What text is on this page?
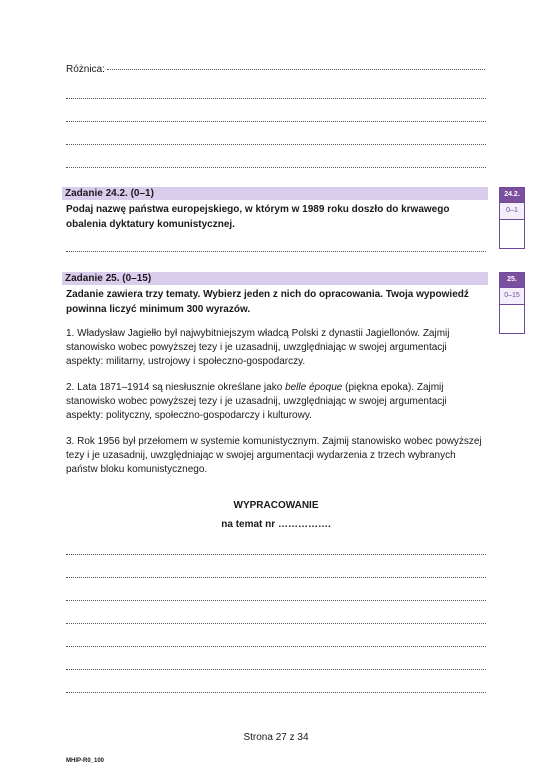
Różnica:
Zadanie 24.2. (0–1)
Podaj nazwę państwa europejskiego, w którym w 1989 roku doszło do krwawego obalenia dyktatury komunistycznej.
24.2.
0–1
Zadanie 25. (0–15)
Zadanie zawiera trzy tematy. Wybierz jeden z nich do opracowania. Twoja wypowiedź powinna liczyć minimum 300 wyrazów.
25.
0–15
1. Władysław Jagiełło był najwybitniejszym władcą Polski z dynastii Jagiellonów. Zajmij stanowisko wobec powyższej tezy i je uzasadnij, uwzględniając w swojej argumentacji aspekty: militarny, ustrojowy i społeczno-gospodarczy.
2. Lata 1871–1914 są niesłusznie określane jako belle époque (piękna epoka). Zajmij stanowisko wobec powyższej tezy i je uzasadnij, uwzględniając w swojej argumentacji aspekty: polityczny, społeczno-gospodarczy i kulturowy.
3. Rok 1956 był przełomem w systemie komunistycznym. Zajmij stanowisko wobec powyższej tezy i je uzasadnij, uwzględniając w swojej argumentacji wydarzenia z trzech wybranych państw bloku komunistycznego.
WYPRACOWANIE
na temat nr …………….
Strona 27 z 34
MHIP-R0_100
